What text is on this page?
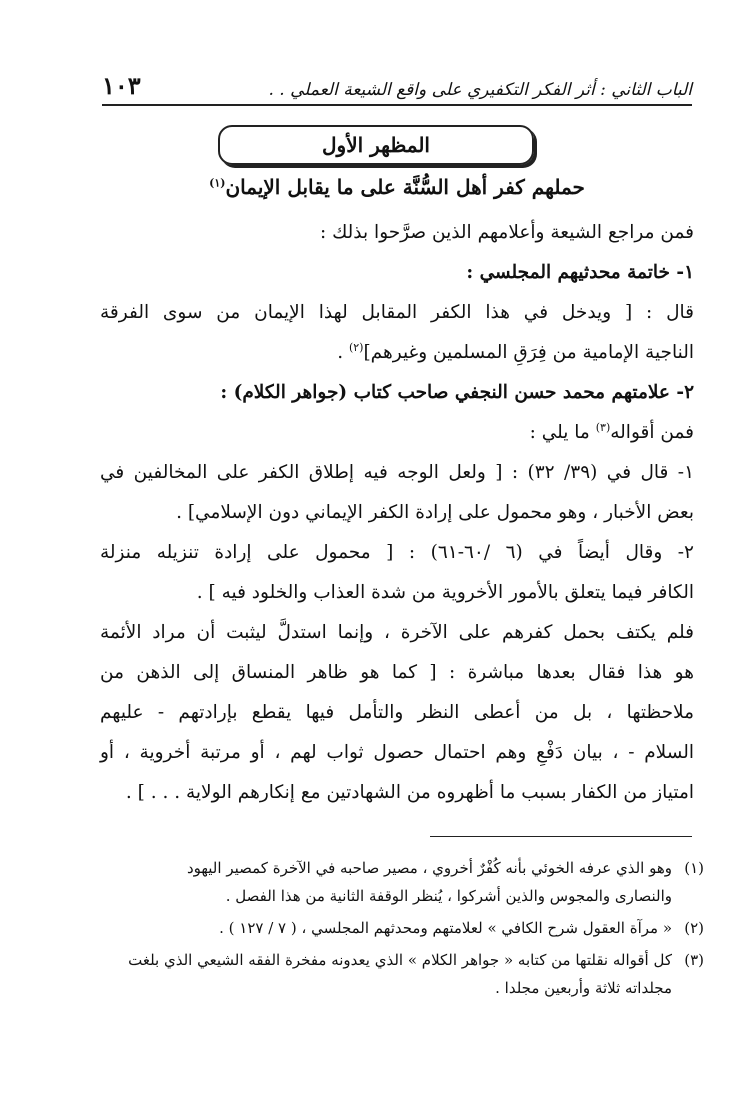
الباب الثاني : أثر الفكر التكفيري على واقع الشيعة العملي . .
١٠٣
المظهر الأول
حملهم كفر أهل السُّنَّة على ما يقابل الإيمان$^{(١)}$
فمن مراجع الشيعة وأعلامهم الذين صرَّحوا بذلك :
١- خاتمة محدثيهم المجلسي :
قال : [ ويدخل في هذا الكفر المقابل لهذا الإيمان من سوى الفرقة
الناجية الإمامية من فِرَقِ المسلمين وغيرهم]$^{(٢)}$ .
٢- علامتهم محمد حسن النجفي صاحب كتاب (جواهر الكلام) :
فمن أقواله$^{(٣)}$ ما يلي :
١- قال في (٣٩/ ٣٢) : [ ولعل الوجه فيه إطلاق الكفر على المخالفين في
بعض الأخبار ، وهو محمول على إرادة الكفر الإيماني دون الإسلامي] .
٢- وقال أيضاً في (٦ /٦٠-٦١) : [ محمول على إرادة تنزيله منزلة
الكافر فيما يتعلق بالأمور الأخروية من شدة العذاب والخلود فيه ] .
فلم يكتف بحمل كفرهم على الآخرة ، وإنما استدلَّ ليثبت أن مراد الأئمة
هو هذا فقال بعدها مباشرة : [ كما هو ظاهر المنساق إلى الذهن من
ملاحظتها ، بل من أعطى النظر والتأمل فيها يقطع بإرادتهم - عليهم
السلام - ، بيان دَفْعِ وهم احتمال حصول ثواب لهم ، أو مرتبة أخروية ، أو
امتياز من الكفار بسبب ما أظهروه من الشهادتين مع إنكارهم الولاية . . . ] .
(١)وهو الذي عرفه الخوئي بأنه كُفْرٌ أخروي ، مصير صاحبه في الآخرة كمصير اليهود
والنصارى والمجوس والذين أشركوا ، يُنظر الوقفة الثانية من هذا الفصل .
(٢)« مرآة العقول شرح الكافي » لعلامتهم ومحدثهم المجلسي ، ( ٧ / ١٢٧ ) .
(٣)كل أقواله نقلتها من كتابه « جواهر الكلام » الذي يعدونه مفخرة الفقه الشيعي الذي بلغت
مجلداته ثلاثة وأربعين مجلدا .
